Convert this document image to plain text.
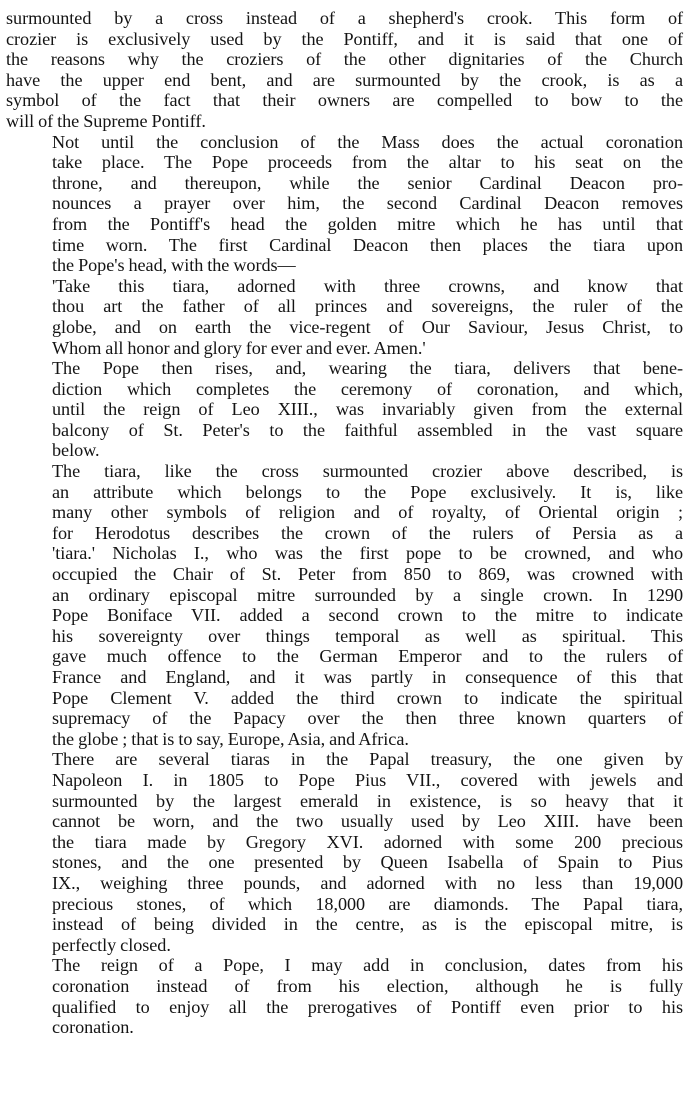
surmounted by a cross instead of a shepherd's crook. This form of
crozier is exclusively used by the Pontiff, and it is said that one of
the reasons why the croziers of the other dignitaries of the Church
have the upper end bent, and are surmounted by the crook, is as a
symbol of the fact that their owners are compelled to bow to the
will of the Supreme Pontiff.

Not until the conclusion of the Mass does the actual coronation
take place. The Pope proceeds from the altar to his seat on the
throne, and thereupon, while the senior Cardinal Deacon pro-
nounces a prayer over him, the second Cardinal Deacon removes
from the Pontiff's head the golden mitre which he has until that
time worn. The first Cardinal Deacon then places the tiara upon
the Pope's head, with the words—

'Take this tiara, adorned with three crowns, and know that
thou art the father of all princes and sovereigns, the ruler of the
globe, and on earth the vice-regent of Our Saviour, Jesus Christ, to
Whom all honor and glory for ever and ever. Amen.'

The Pope then rises, and, wearing the tiara, delivers that bene-
diction which completes the ceremony of coronation, and which,
until the reign of Leo XIII., was invariably given from the external
balcony of St. Peter's to the faithful assembled in the vast square
below.

The tiara, like the cross surmounted crozier above described, is
an attribute which belongs to the Pope exclusively. It is, like
many other symbols of religion and of royalty, of Oriental origin ;
for Herodotus describes the crown of the rulers of Persia as a
'tiara.' Nicholas I., who was the first pope to be crowned, and who
occupied the Chair of St. Peter from 850 to 869, was crowned with
an ordinary episcopal mitre surrounded by a single crown. In 1290
Pope Boniface VII. added a second crown to the mitre to indicate
his sovereignty over things temporal as well as spiritual. This
gave much offence to the German Emperor and to the rulers of
France and England, and it was partly in consequence of this that
Pope Clement V. added the third crown to indicate the spiritual
supremacy of the Papacy over the then three known quarters of
the globe ; that is to say, Europe, Asia, and Africa.

There are several tiaras in the Papal treasury, the one given by
Napoleon I. in 1805 to Pope Pius VII., covered with jewels and
surmounted by the largest emerald in existence, is so heavy that it
cannot be worn, and the two usually used by Leo XIII. have been
the tiara made by Gregory XVI. adorned with some 200 precious
stones, and the one presented by Queen Isabella of Spain to Pius
IX., weighing three pounds, and adorned with no less than 19,000
precious stones, of which 18,000 are diamonds. The Papal tiara,
instead of being divided in the centre, as is the episcopal mitre, is
perfectly closed.

The reign of a Pope, I may add in conclusion, dates from his
coronation instead of from his election, although he is fully
qualified to enjoy all the prerogatives of Pontiff even prior to his
coronation.
